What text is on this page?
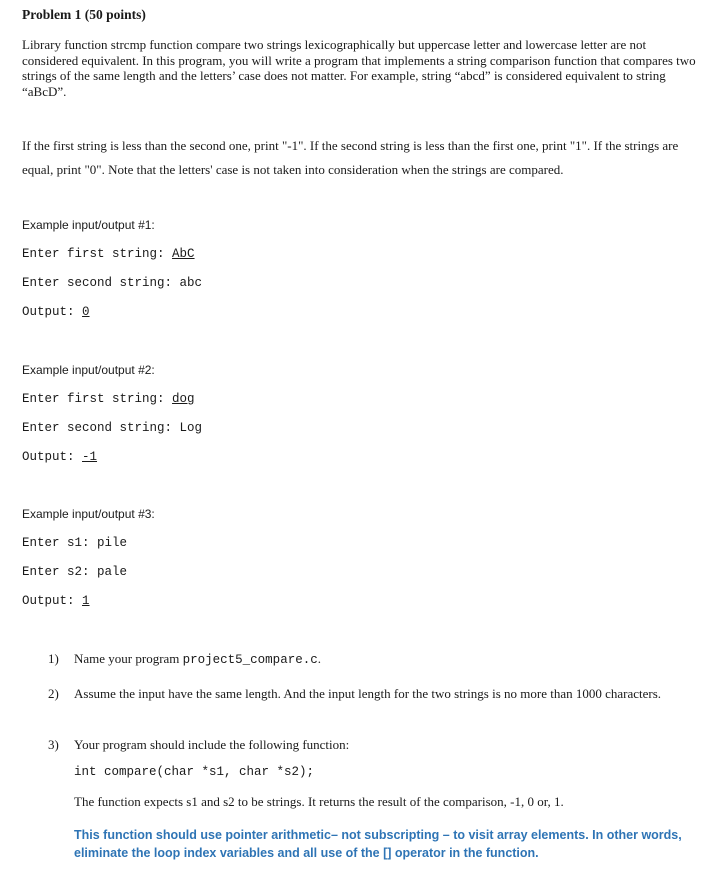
Problem 1 (50 points)
Library function strcmp function compare two strings lexicographically but uppercase letter and lowercase letter are not considered equivalent. In this program, you will write a program that implements a string comparison function that compares two strings of the same length and the letters’ case does not matter. For example, string “abcd” is considered equivalent to string “aBcD”.
If the first string is less than the second one, print "-1". If the second string is less than the first one, print "1". If the strings are equal, print "0". Note that the letters' case is not taken into consideration when the strings are compared.
Example input/output #1:
Enter first string: AbC
Enter second string: abc
Output: 0
Example input/output #2:
Enter first string: dog
Enter second string: Log
Output: -1
Example input/output #3:
Enter s1: pile
Enter s2: pale
Output: 1
1) Name your program project5_compare.c.
2) Assume the input have the same length. And the input length for the two strings is no more than 1000 characters.
3) Your program should include the following function:
int compare(char *s1, char *s2);
The function expects s1 and s2 to be strings. It returns the result of the comparison, -1, 0 or, 1.
This function should use pointer arithmetic– not subscripting – to visit array elements. In other words, eliminate the loop index variables and all use of the [] operator in the function.
